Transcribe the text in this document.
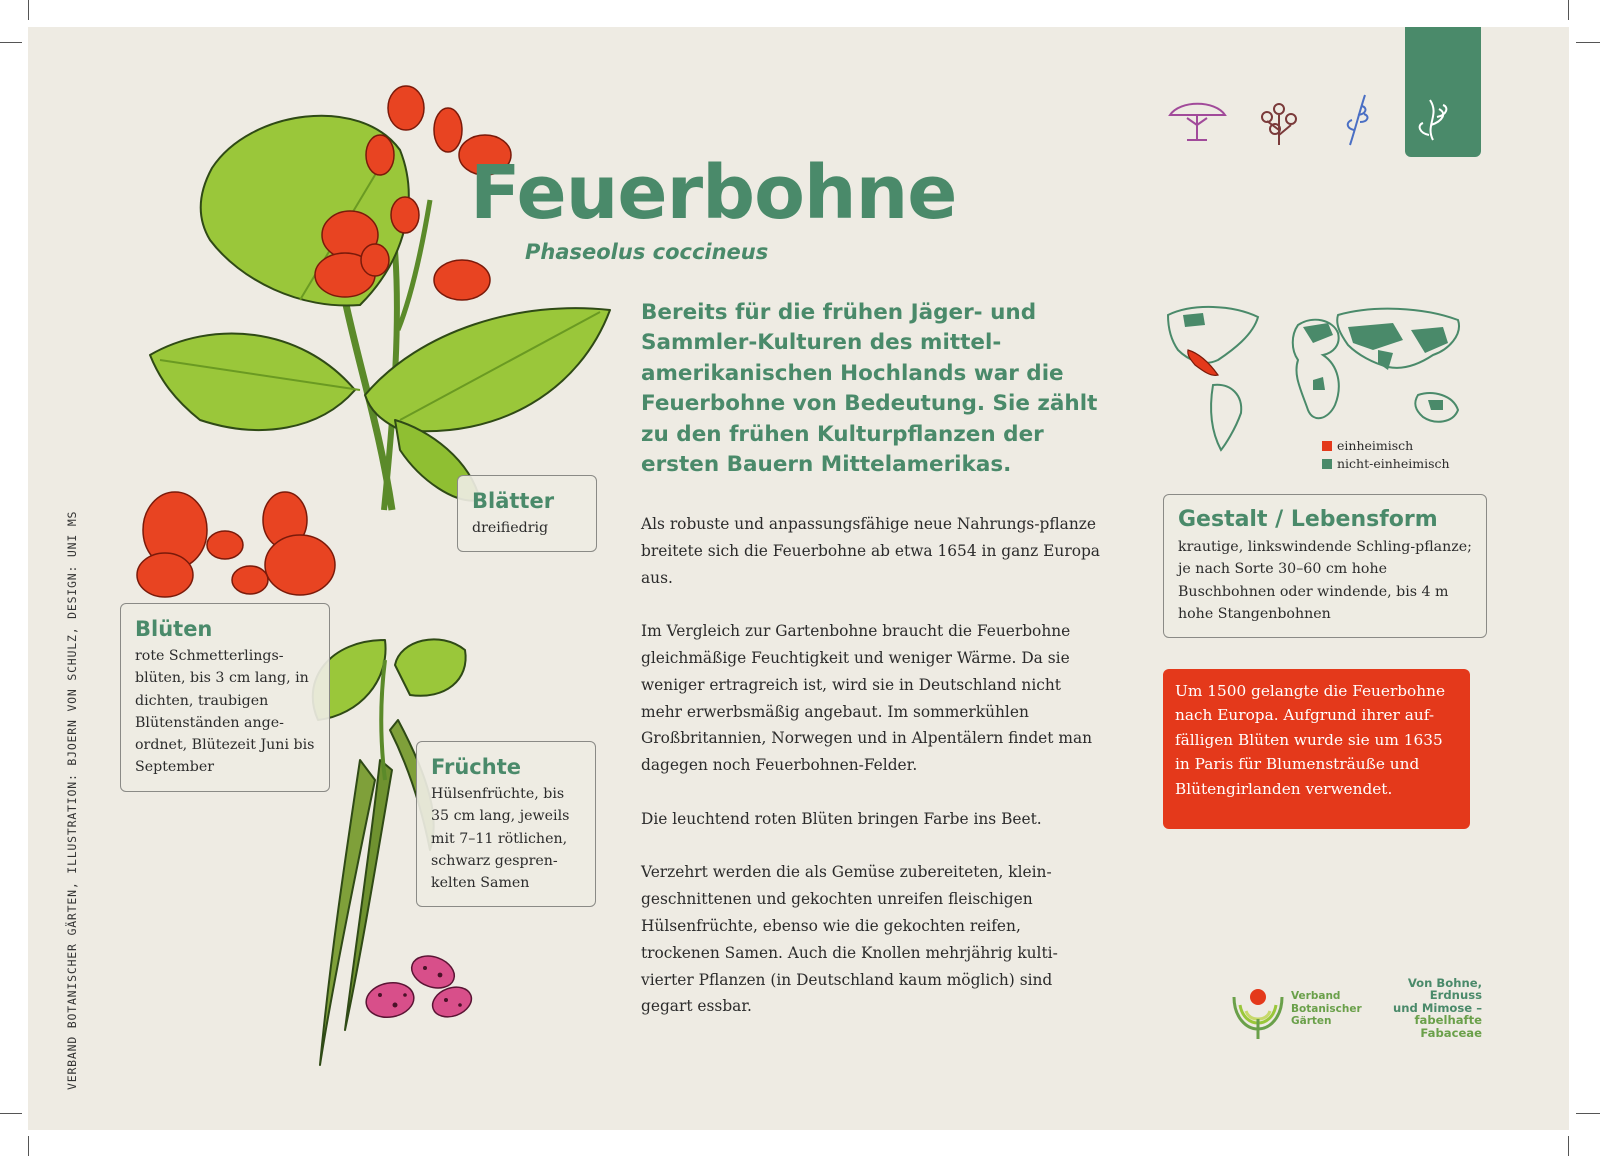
Feuerbohne
Phaseolus coccineus

Bereits für die frühen Jäger- und Sammler-Kulturen des mittel-amerikanischen Hochlands war die Feuerbohne von Bedeutung. Sie zählt zu den frühen Kulturpflanzen der ersten Bauern Mittelamerikas.

Als robuste und anpassungsfähige neue Nahrungs-pflanze breitete sich die Feuerbohne ab etwa 1654 in ganz Europa aus.

Im Vergleich zur Gartenbohne braucht die Feuerbohne gleichmäßige Feuchtigkeit und weniger Wärme. Da sie weniger ertragreich ist, wird sie in Deutschland nicht mehr erwerbsmäßig angebaut. Im sommerkühlen Großbritannien, Norwegen und in Alpentälern findet man dagegen noch Feuerbohnen-Felder.

Die leuchtend roten Blüten bringen Farbe ins Beet.

Verzehrt werden die als Gemüse zubereiteten, klein-geschnittenen und gekochten unreifen fleischigen Hülsenfrüchte, ebenso wie die gekochten reifen, trockenen Samen. Auch die Knollen mehrjährig kulti-vierter Pflanzen (in Deutschland kaum möglich) sind gegart essbar.

Blätter
dreifiedrig
Blüten
rote Schmetterlings-blüten, bis 3 cm lang, in dichten, traubigen Blütenständen ange-ordnet, Blütezeit Juni bis September	Früchte
Hülsenfrüchte, bis 35 cm lang, jeweils mit 7–11 rötlichen, schwarz gespren-kelten Samen
Gestalt / Lebensform
krautige, linkswindende Schling-pflanze; je nach Sorte 30–60 cm hohe Buschbohnen oder windende, bis 4 m hohe Stangenbohnen
Um 1500 gelangte die Feuerbohne nach Europa. Aufgrund ihrer auf-fälligen Blüten wurde sie um 1635 in Paris für Blumensträuße und Blütengirlanden verwendet.
einheimisch
nicht-einheimisch
VERBAND BOTANISCHER GÄRTEN, ILLUSTRATION: BJOERN VON SCHULZ, DESIGN: UNI MS	Verband
Botanischer
Gärten
Von Bohne,
Erdnuss
und Mimose –
fabelhafte
Fabaceae
